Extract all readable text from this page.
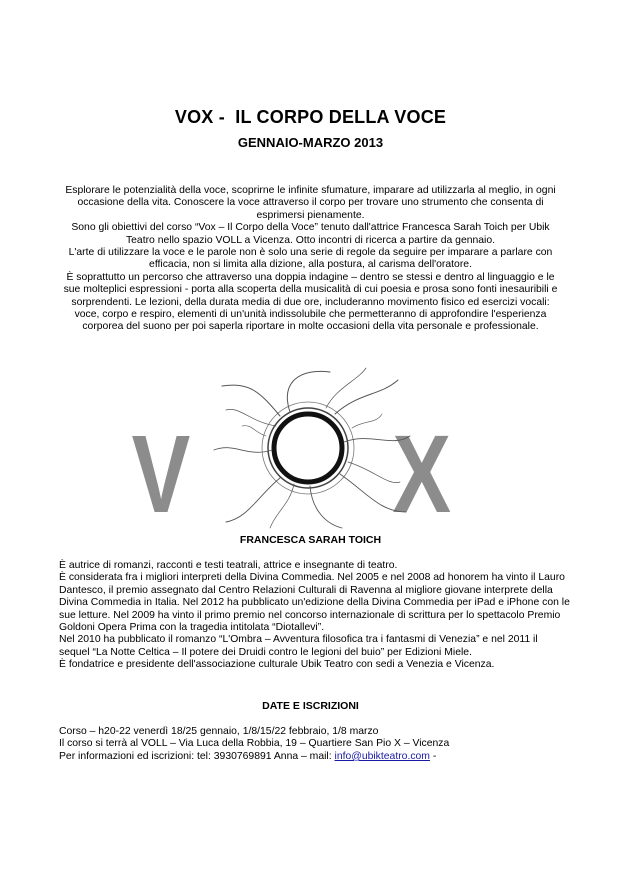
VOX -  IL CORPO DELLA VOCE
GENNAIO-MARZO 2013

Esplorare le potenzialità della voce, scoprirne le infinite sfumature, imparare ad utilizzarla al meglio, in ogni occasione della vita. Conoscere la voce attraverso il corpo per trovare uno strumento che consenta di esprimersi pienamente.

Sono gli obiettivi del corso “Vox – Il Corpo della Voce” tenuto dall'attrice Francesca Sarah Toich per Ubik Teatro nello spazio VOLL a Vicenza. Otto incontri di ricerca a partire da gennaio.

L'arte di utilizzare la voce e le parole non è solo una serie di regole da seguire per imparare a parlare con efficacia, non si limita alla dizione, alla postura, al carisma dell'oratore.

È soprattutto un percorso che attraverso una doppia indagine – dentro se stessi e dentro al linguaggio e le sue molteplici espressioni - porta alla scoperta della musicalità di cui poesia e prosa sono fonti inesauribili e sorprendenti. Le lezioni, della durata media di due ore, includeranno movimento fisico ed esercizi vocali: voce, corpo e respiro, elementi di un'unità indissolubile che permetteranno di approfondire l'esperienza corporea del suono per poi saperla riportare in molte occasioni della vita personale e professionale.

V X
FRANCESCA SARAH TOICH

È autrice di romanzi, racconti e testi teatrali, attrice e insegnante di teatro.

È considerata fra i migliori interpreti della Divina Commedia. Nel 2005 e nel 2008 ad honorem ha vinto il Lauro Dantesco, il premio assegnato dal Centro Relazioni Culturali di Ravenna al migliore giovane interprete della Divina Commedia in Italia. Nel 2012 ha pubblicato un'edizione della Divina Commedia per iPad e iPhone con le sue letture. Nel 2009 ha vinto il primo premio nel concorso internazionale di scrittura per lo spettacolo Premio Goldoni Opera Prima con la tragedia intitolata “Diotallevi”.

Nel 2010 ha pubblicato il romanzo “L'Ombra – Avventura filosofica tra i fantasmi di Venezia” e nel 2011 il sequel “La Notte Celtica – Il potere dei Druidi contro le legioni del buio” per Edizioni Miele.

È fondatrice e presidente dell'associazione culturale Ubik Teatro con sedi a Venezia e Vicenza.

DATE E ISCRIZIONI

Corso – h20-22 venerdì 18/25 gennaio, 1/8/15/22 febbraio, 1/8 marzo

Il corso si terrà al VOLL – Via Luca della Robbia, 19 – Quartiere San Pio X – Vicenza

Per informazioni ed iscrizioni: tel: 3930769891 Anna – mail: info@ubikteatro.com -
